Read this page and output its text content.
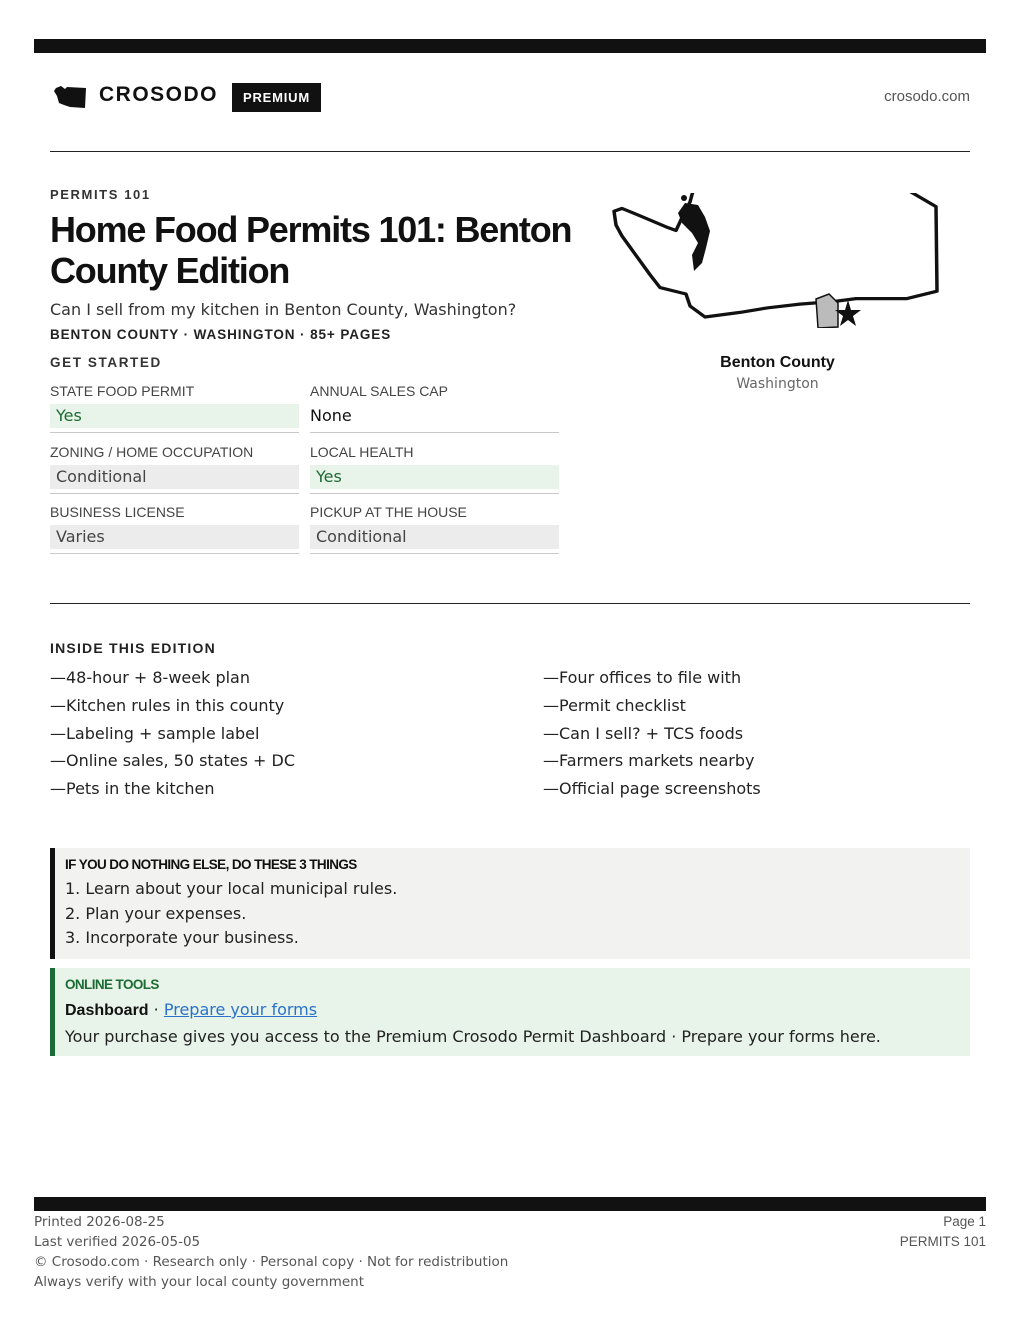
CROSODO	PREMIUM	crosodo.com
PERMITS 101
Home Food Permits 101: Benton County Edition
Can I sell from my kitchen in Benton County, Washington?
BENTON COUNTY · WASHINGTON · 85+ PAGES
GET STARTED
STATE FOOD PERMIT
Yes
ANNUAL SALES CAP
None
ZONING / HOME OCCUPATION
Conditional
LOCAL HEALTH
Yes
BUSINESS LICENSE
Varies
PICKUP AT THE HOUSE
Conditional
Benton County
Washington
INSIDE THIS EDITION
—48-hour + 8-week plan
—Kitchen rules in this county
—Labeling + sample label
—Online sales, 50 states + DC
—Pets in the kitchen
—Four offices to file with
—Permit checklist
—Can I sell? + TCS foods
—Farmers markets nearby
—Official page screenshots
IF YOU DO NOTHING ELSE, DO THESE 3 THINGS
1. Learn about your local municipal rules.
2. Plan your expenses.
3. Incorporate your business.
ONLINE TOOLS
Dashboard · Prepare your forms
Your purchase gives you access to the Premium Crosodo Permit Dashboard · Prepare your forms here.
Printed 2026-08-25
Last verified 2026-05-05
© Crosodo.com · Research only · Personal copy · Not for redistribution
Always verify with your local county government
Page 1
PERMITS 101
